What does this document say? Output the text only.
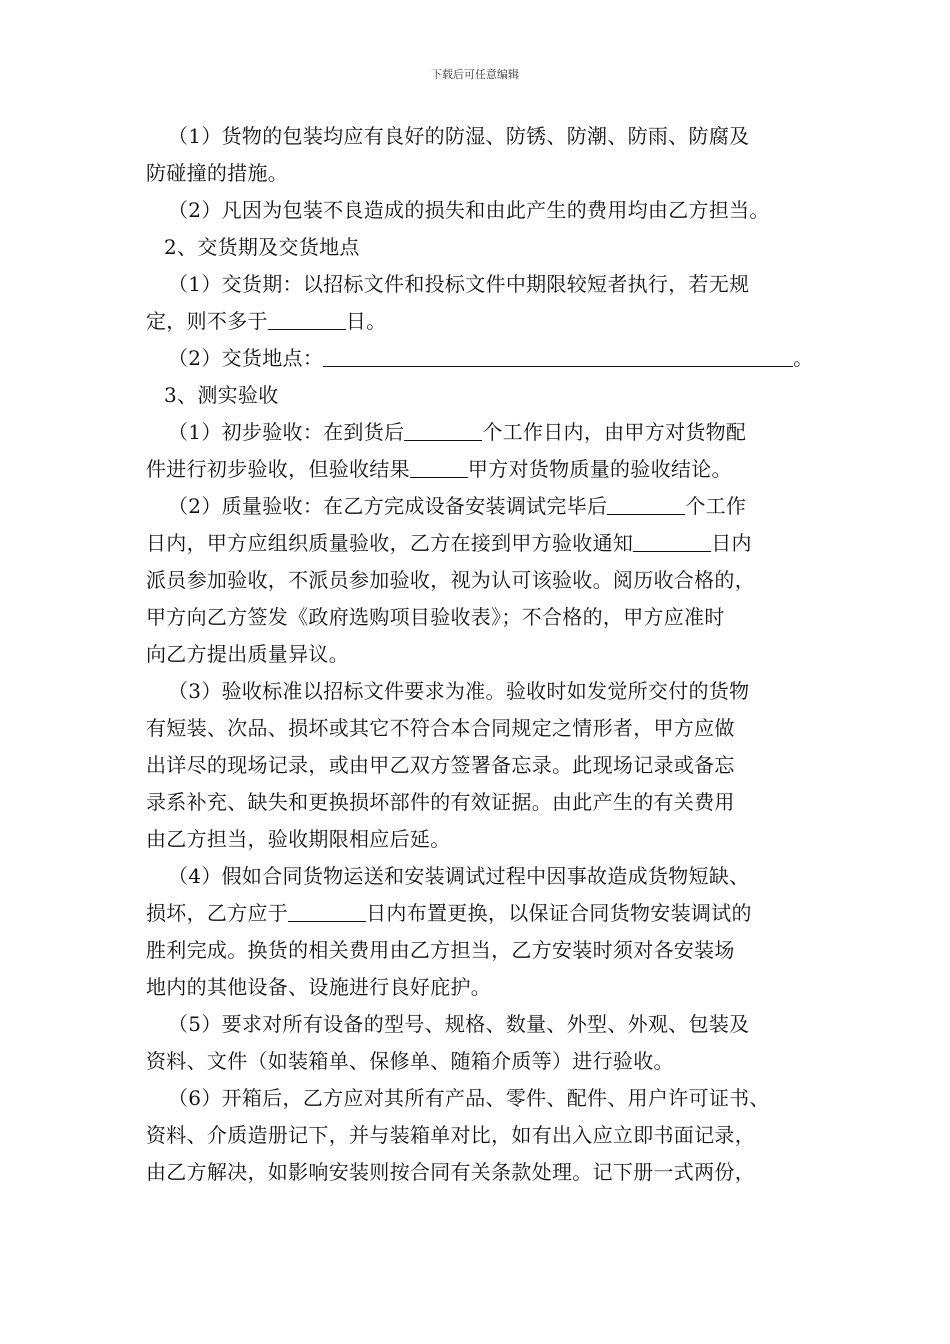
下载后可任意编辑
（1）货物的包装均应有良好的防湿、防锈、防潮、防雨、防腐及
防碰撞的措施。
（2）凡因为包装不良造成的损失和由此产生的费用均由乙方担当。
2、交货期及交货地点
（1）交货期：以招标文件和投标文件中期限较短者执行，若无规
定，则不多于	日。
（2）交货地点：	。
3、测实验收
（1）初步验收：在到货后	个工作日内，由甲方对货物配
件进行初步验收，但验收结果	甲方对货物质量的验收结论。
（2）质量验收：在乙方完成设备安装调试完毕后	个工作
日内，甲方应组织质量验收，乙方在接到甲方验收通知	日内
派员参加验收，不派员参加验收，视为认可该验收。阅历收合格的，
甲方向乙方签发《政府选购项目验收表》；不合格的，甲方应准时
向乙方提出质量异议。
（3）验收标准以招标文件要求为准。验收时如发觉所交付的货物
有短装、次品、损坏或其它不符合本合同规定之情形者，甲方应做
出详尽的现场记录，或由甲乙双方签署备忘录。此现场记录或备忘
录系补充、缺失和更换损坏部件的有效证据。由此产生的有关费用
由乙方担当，验收期限相应后延。
（4）假如合同货物运送和安装调试过程中因事故造成货物短缺、
损坏，乙方应于	日内布置更换，以保证合同货物安装调试的
胜利完成。换货的相关费用由乙方担当，乙方安装时须对各安装场
地内的其他设备、设施进行良好庇护。
（5）要求对所有设备的型号、规格、数量、外型、外观、包装及
资料、文件（如装箱单、保修单、随箱介质等）进行验收。
（6）开箱后，乙方应对其所有产品、零件、配件、用户许可证书、
资料、介质造册记下，并与装箱单对比，如有出入应立即书面记录，
由乙方解决，如影响安装则按合同有关条款处理。记下册一式两份，
